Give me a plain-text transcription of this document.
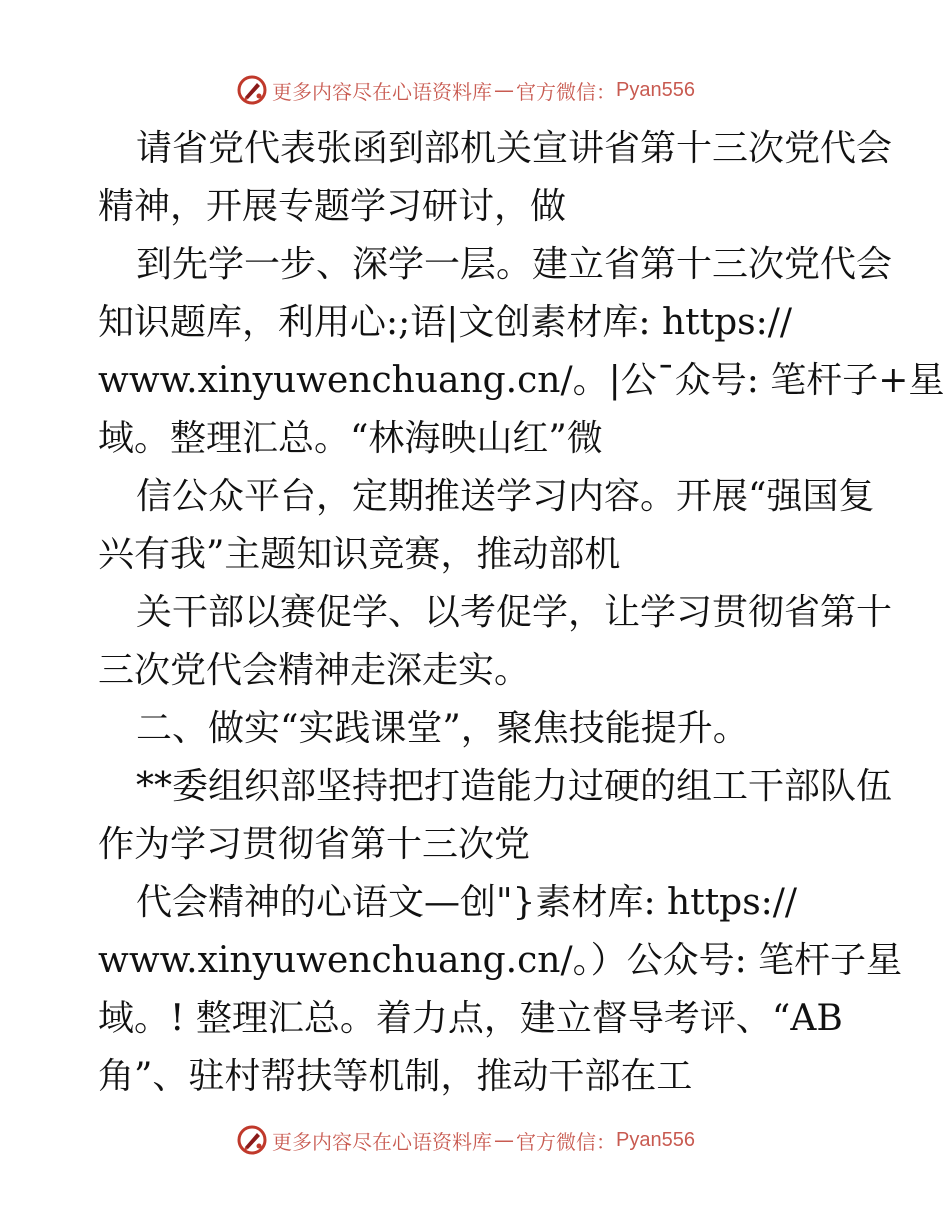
更多内容尽在心语资料库 — 官方微信： Pyan556
请省党代表张函到部机关宣讲省第十三次党代会
精神，开展专题学习研讨，做
到先学一步、深学一层。建立省第十三次党代会
知识题库，利用心:;语|文创素材库: https://
www.xinyuwenchuang.cn/。|公¯众号: 笔杆子+星
域。整理汇总。“林海映山红”微
信公众平台，定期推送学习内容。开展“强国复
兴有我”主题知识竞赛，推动部机
关干部以赛促学、以考促学，让学习贯彻省第十
三次党代会精神走深走实。
二、做实“实践课堂”，聚焦技能提升。
**委组织部坚持把打造能力过硬的组工干部队伍
作为学习贯彻省第十三次党
代会精神的心语文—创"}素材库: https://
www.xinyuwenchuang.cn/。）公众号: 笔杆子星
域。! 整理汇总。着力点，建立督导考评、“AB
角”、驻村帮扶等机制，推动干部在工
更多内容尽在心语资料库 — 官方微信： Pyan556
